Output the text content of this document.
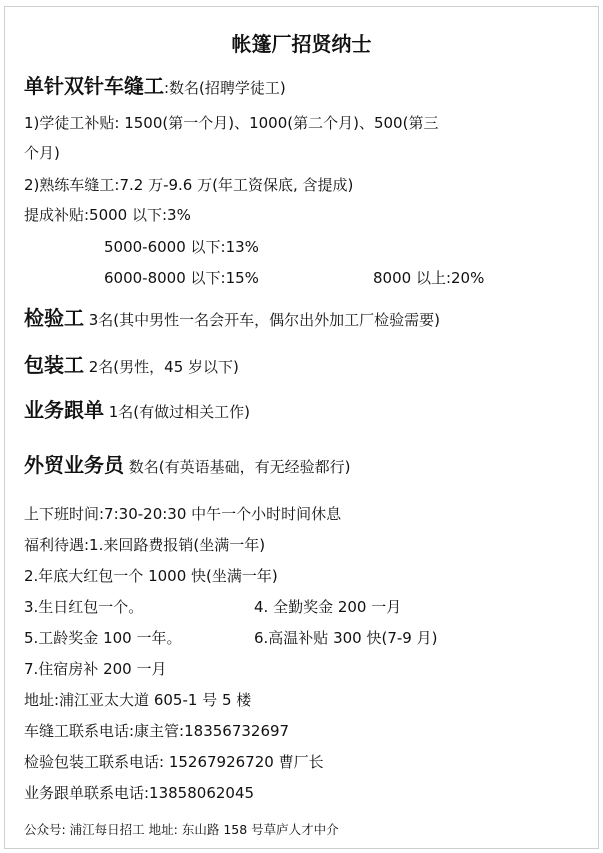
帐篷厂招贤纳士
单针双针车缝工:数名(招聘学徒工)
1)学徒工补贴: 1500(第一个月)、1000(第二个月)、500(第三
个月)
2)熟练车缝工:7.2 万-9.6 万(年工资保底, 含提成)
提成补贴:5000 以下:3%
5000-6000 以下:13%
6000-8000 以下:15%	8000 以上:20%
检验工 3名(其中男性一名会开车，偶尔出外加工厂检验需要)
包装工 2名(男性，45 岁以下)
业务跟单 1名(有做过相关工作)
外贸业务员 数名(有英语基础，有无经验都行)
上下班时间:7:30-20:30 中午一个小时时间休息
福利待遇:1.来回路费报销(坐满一年)
2.年底大红包一个 1000 快(坐满一年)
3.生日红包一个。	4. 全勤奖金 200 一月
5.工龄奖金 100 一年。	6.高温补贴 300 快(7-9 月)
7.住宿房补 200 一月
地址:浦江亚太大道 605-1 号 5 楼
车缝工联系电话:康主管:18356732697
检验包装工联系电话: 15267926720 曹厂长
业务跟单联系电话:13858062045
公众号: 浦江每日招工 地址: 东山路 158 号草庐人才中介
